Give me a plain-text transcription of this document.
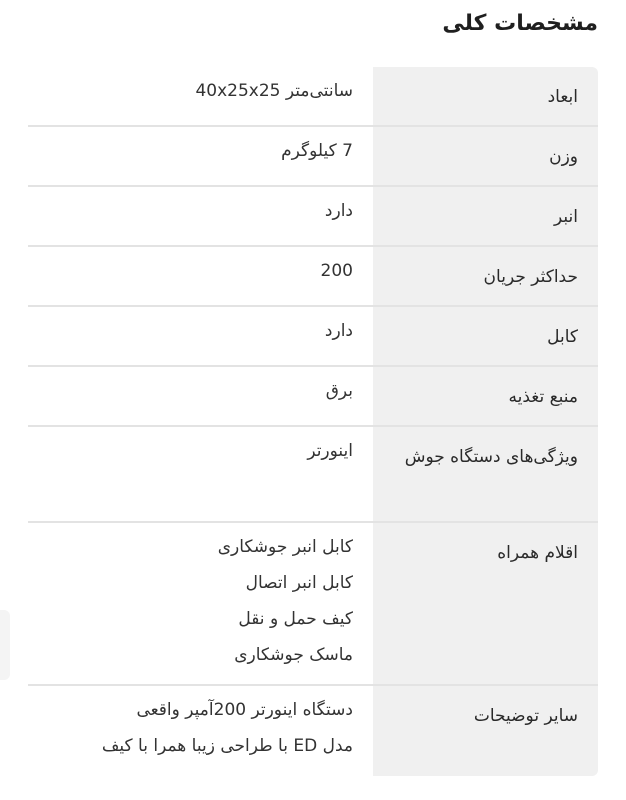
مشخصات کلی
ابعاد	سانتی‌متر 40x25x25

وزن	7 کیلوگرم

انبر	دارد

حداکثر جریان	200

کابل	دارد

منبع تغذیه	برق

ویژگی‌های دستگاه جوش	اینورتر

اقلام همراه	کابل انبر جوشکاری
کابل انبر اتصال
کیف حمل و نقل
ماسک جوشکاری

سایر توضیحات	دستگاه اینورتر 200آمپر واقعی
مدل ED با طراحی زیبا همرا با کیف
